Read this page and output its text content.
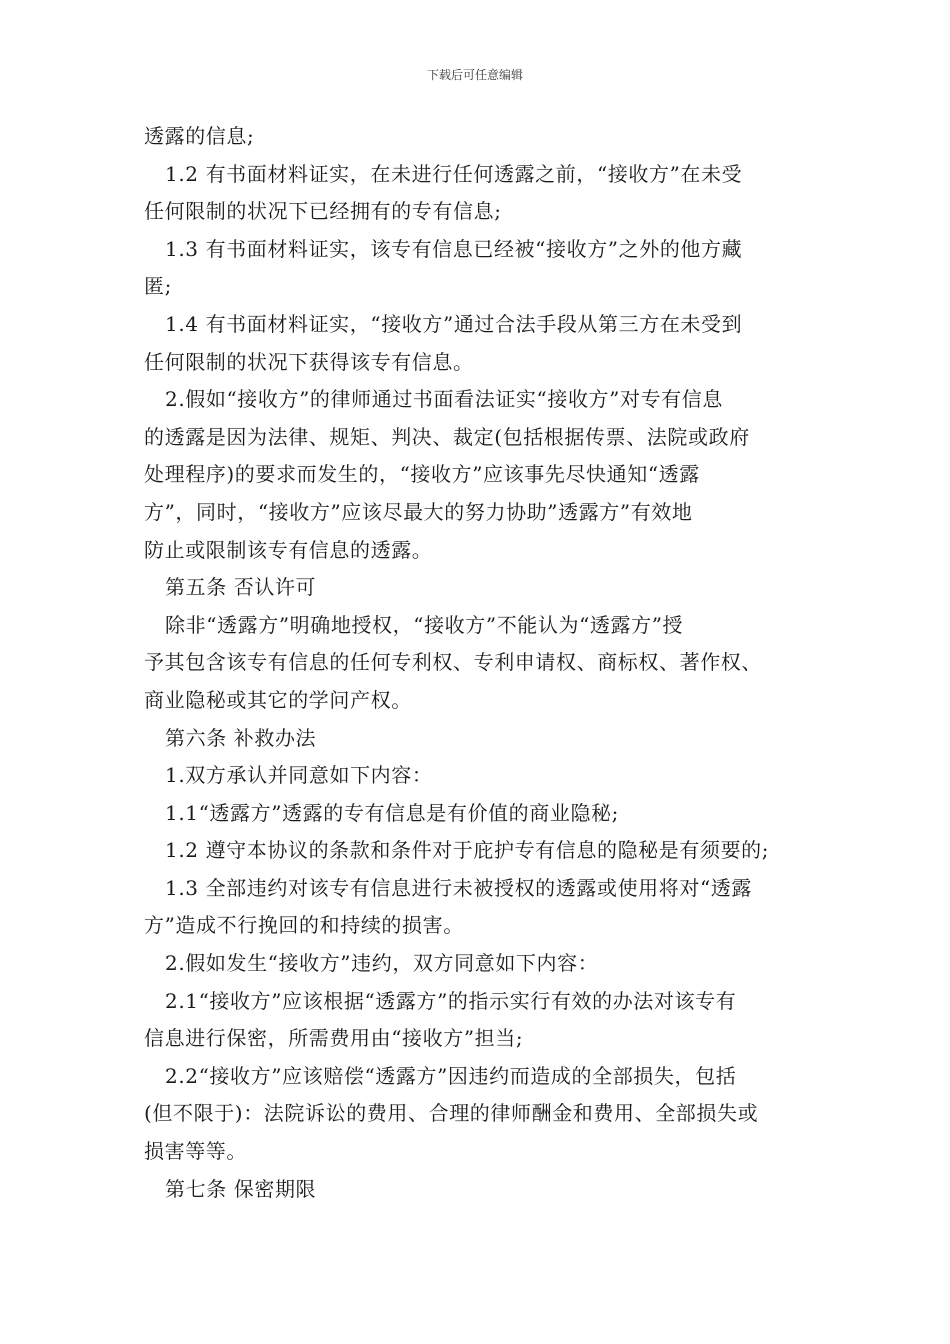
下载后可任意编辑

透露的信息;

1.2 有书面材料证实，在未进行任何透露之前，“接收方”在未受

任何限制的状况下已经拥有的专有信息;

1.3 有书面材料证实，该专有信息已经被“接收方”之外的他方藏

匿;

1.4 有书面材料证实，“接收方”通过合法手段从第三方在未受到

任何限制的状况下获得该专有信息。

2.假如“接收方”的律师通过书面看法证实“接收方”对专有信息

的透露是因为法律、规矩、判决、裁定(包括根据传票、法院或政府

处理程序)的要求而发生的，“接收方”应该事先尽快通知“透露

方”，同时，“接收方”应该尽最大的努力协助”透露方”有效地

防止或限制该专有信息的透露。

第五条 否认许可

除非“透露方”明确地授权，“接收方”不能认为“透露方”授

予其包含该专有信息的任何专利权、专利申请权、商标权、著作权、

商业隐秘或其它的学问产权。

第六条 补救办法

1.双方承认并同意如下内容：

1.1“透露方”透露的专有信息是有价值的商业隐秘;

1.2 遵守本协议的条款和条件对于庇护专有信息的隐秘是有须要的;

1.3 全部违约对该专有信息进行未被授权的透露或使用将对“透露

方”造成不行挽回的和持续的损害。

2.假如发生“接收方”违约，双方同意如下内容：

2.1“接收方”应该根据“透露方”的指示实行有效的办法对该专有

信息进行保密，所需费用由“接收方”担当;

2.2“接收方”应该赔偿“透露方”因违约而造成的全部损失，包括

(但不限于)：法院诉讼的费用、合理的律师酬金和费用、全部损失或

损害等等。

第七条 保密期限
